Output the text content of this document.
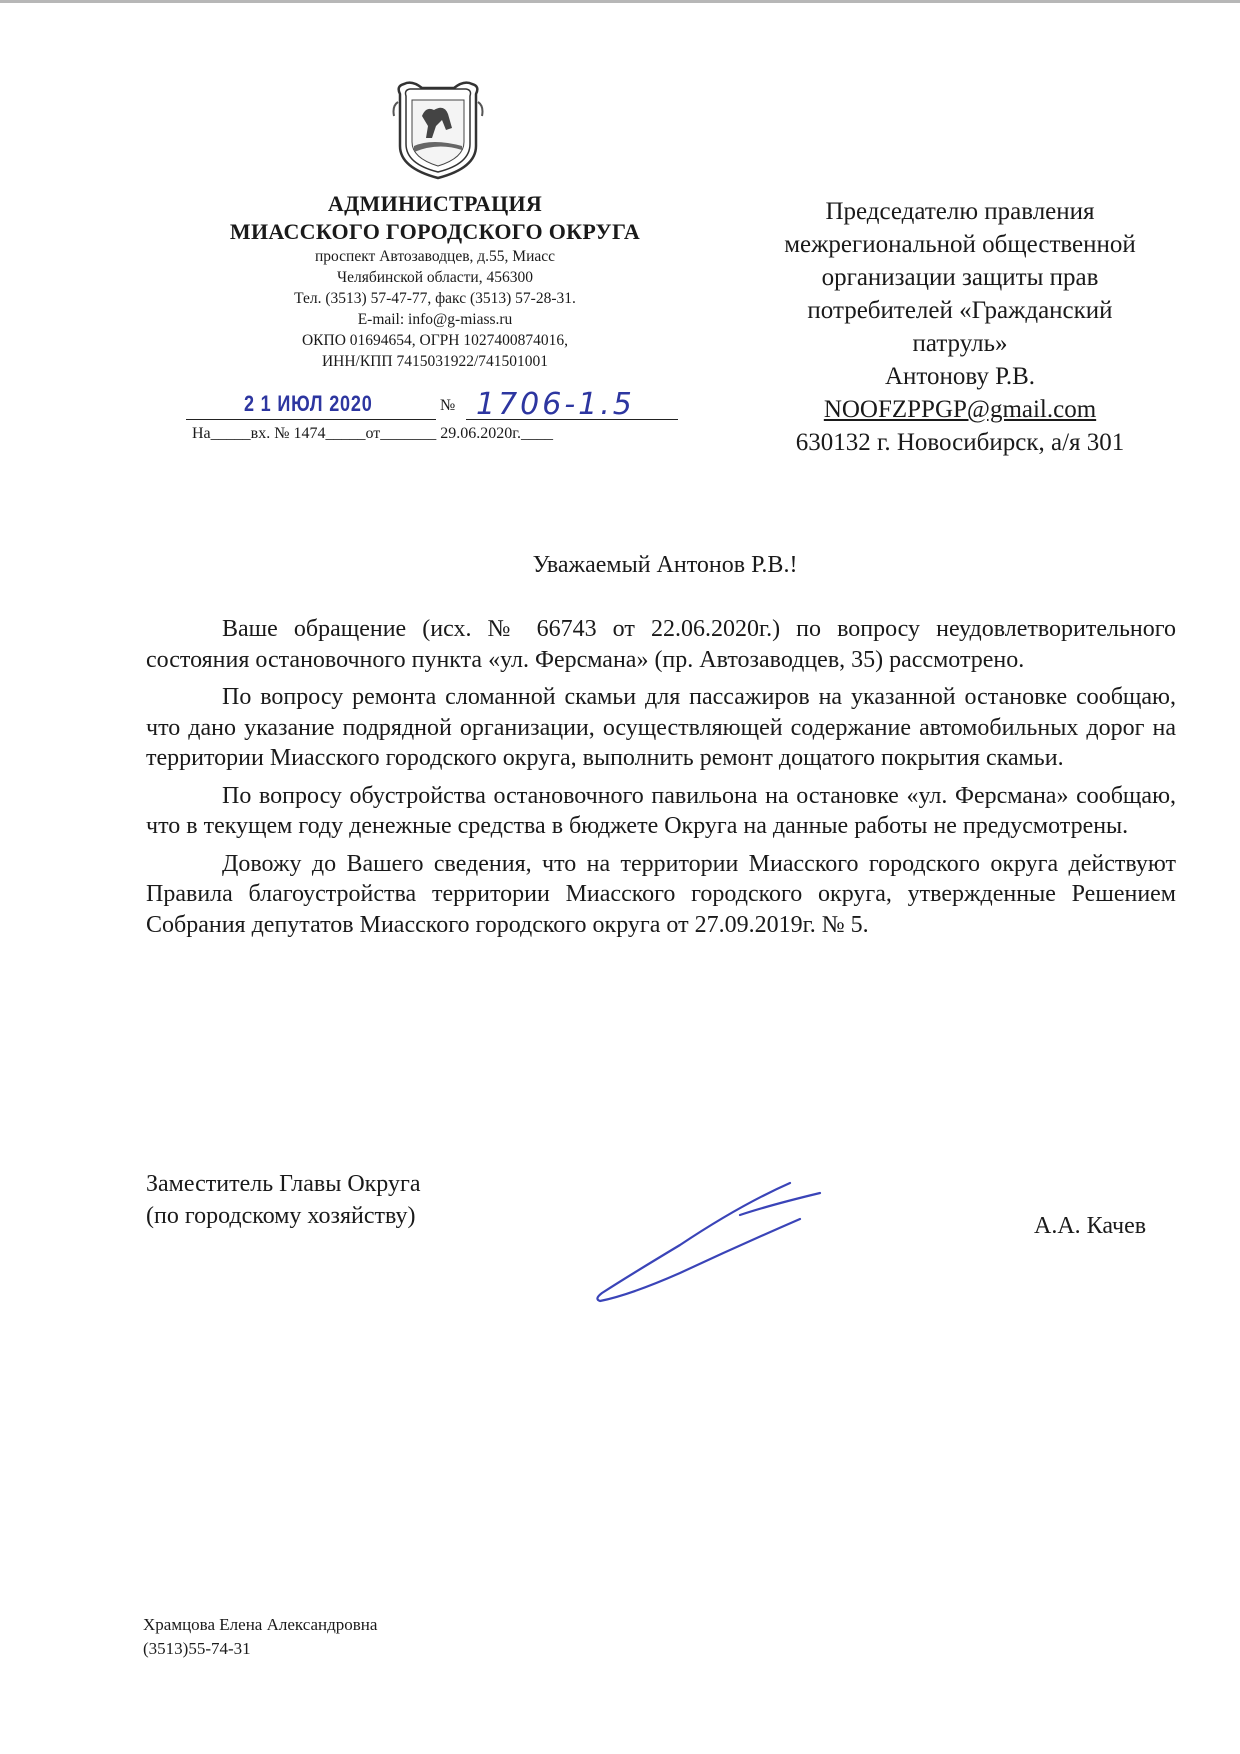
АДМИНИСТРАЦИЯ
МИАССКОГО ГОРОДСКОГО ОКРУГА
проспект Автозаводцев, д.55, Миасс
Челябинской области, 456300
Тел. (3513) 57-47-77, факс (3513) 57-28-31.
E-mail: info@g-miass.ru
ОКПО 01694654, ОГРН 1027400874016,
ИНН/КПП 7415031922/741501001
2 1 ИЮЛ 2020	№ 1706-1.5
На_____вх. № 1474_____от_______ 29.06.2020г.____
Председателю правления
межрегиональной общественной
организации защиты прав
потребителей «Гражданский
патруль»
Антонову Р.В.
NOOFZPPGP@gmail.com
630132 г. Новосибирск, а/я 301
Уважаемый Антонов Р.В.!

Ваше обращение (исх. № 66743 от 22.06.2020г.) по вопросу неудовлетворительного состояния остановочного пункта «ул. Ферсмана» (пр. Автозаводцев, 35) рассмотрено.

По вопросу ремонта сломанной скамьи для пассажиров на указанной остановке сообщаю, что дано указание подрядной организации, осуществляющей содержание автомобильных дорог на территории Миасского городского округа, выполнить ремонт дощатого покрытия скамьи.

По вопросу обустройства остановочного павильона на остановке «ул. Ферсмана» сообщаю, что в текущем году денежные средства в бюджете Округа на данные работы не предусмотрены.

Довожу до Вашего сведения, что на территории Миасского городского округа действуют Правила благоустройства территории Миасского городского округа, утвержденные Решением Собрания депутатов Миасского городского округа от 27.09.2019г. № 5.

Заместитель Главы Округа
(по городскому хозяйству)	А.А. Качев
Храмцова Елена Александровна
(3513)55-74-31
